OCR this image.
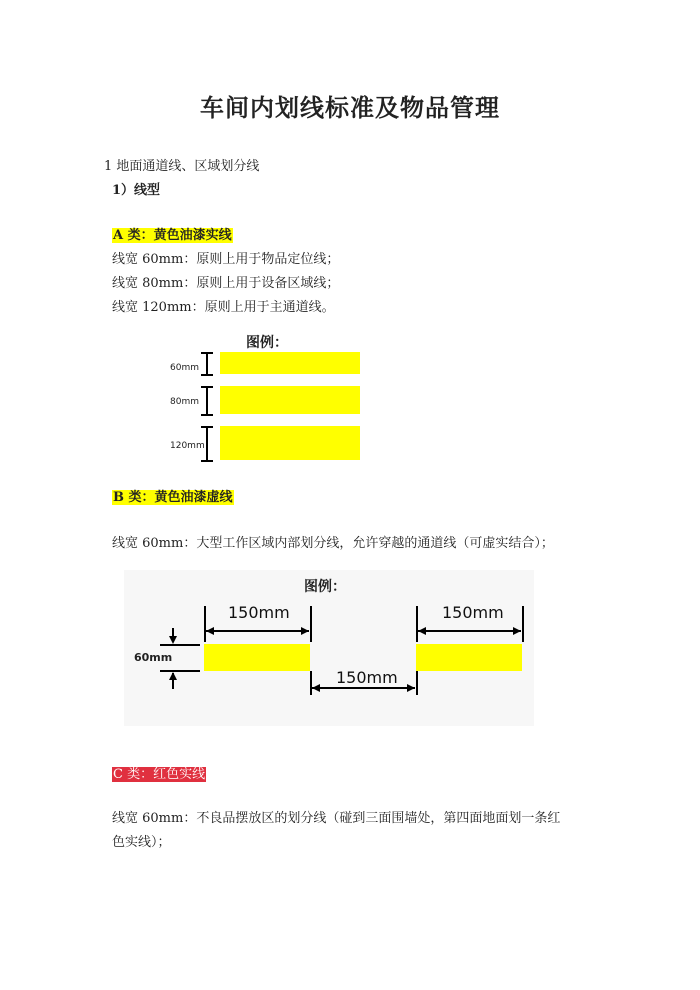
车间内划线标准及物品管理
1 地面通道线、区域划分线
1）线型
A 类：黄色油漆实线
线宽 60mm：原则上用于物品定位线；
线宽 80mm：原则上用于设备区域线；
线宽 120mm：原则上用于主通道线。
图例：
60mm
80mm
120mm
B 类：黄色油漆虚线
线宽 60mm：大型工作区域内部划分线，允许穿越的通道线（可虚实结合）；
图例：
150mm	150mm
150mm
60mm
C 类：红色实线
线宽 60mm：不良品摆放区的划分线（碰到三面围墙处，第四面地面划一条红
色实线）；
